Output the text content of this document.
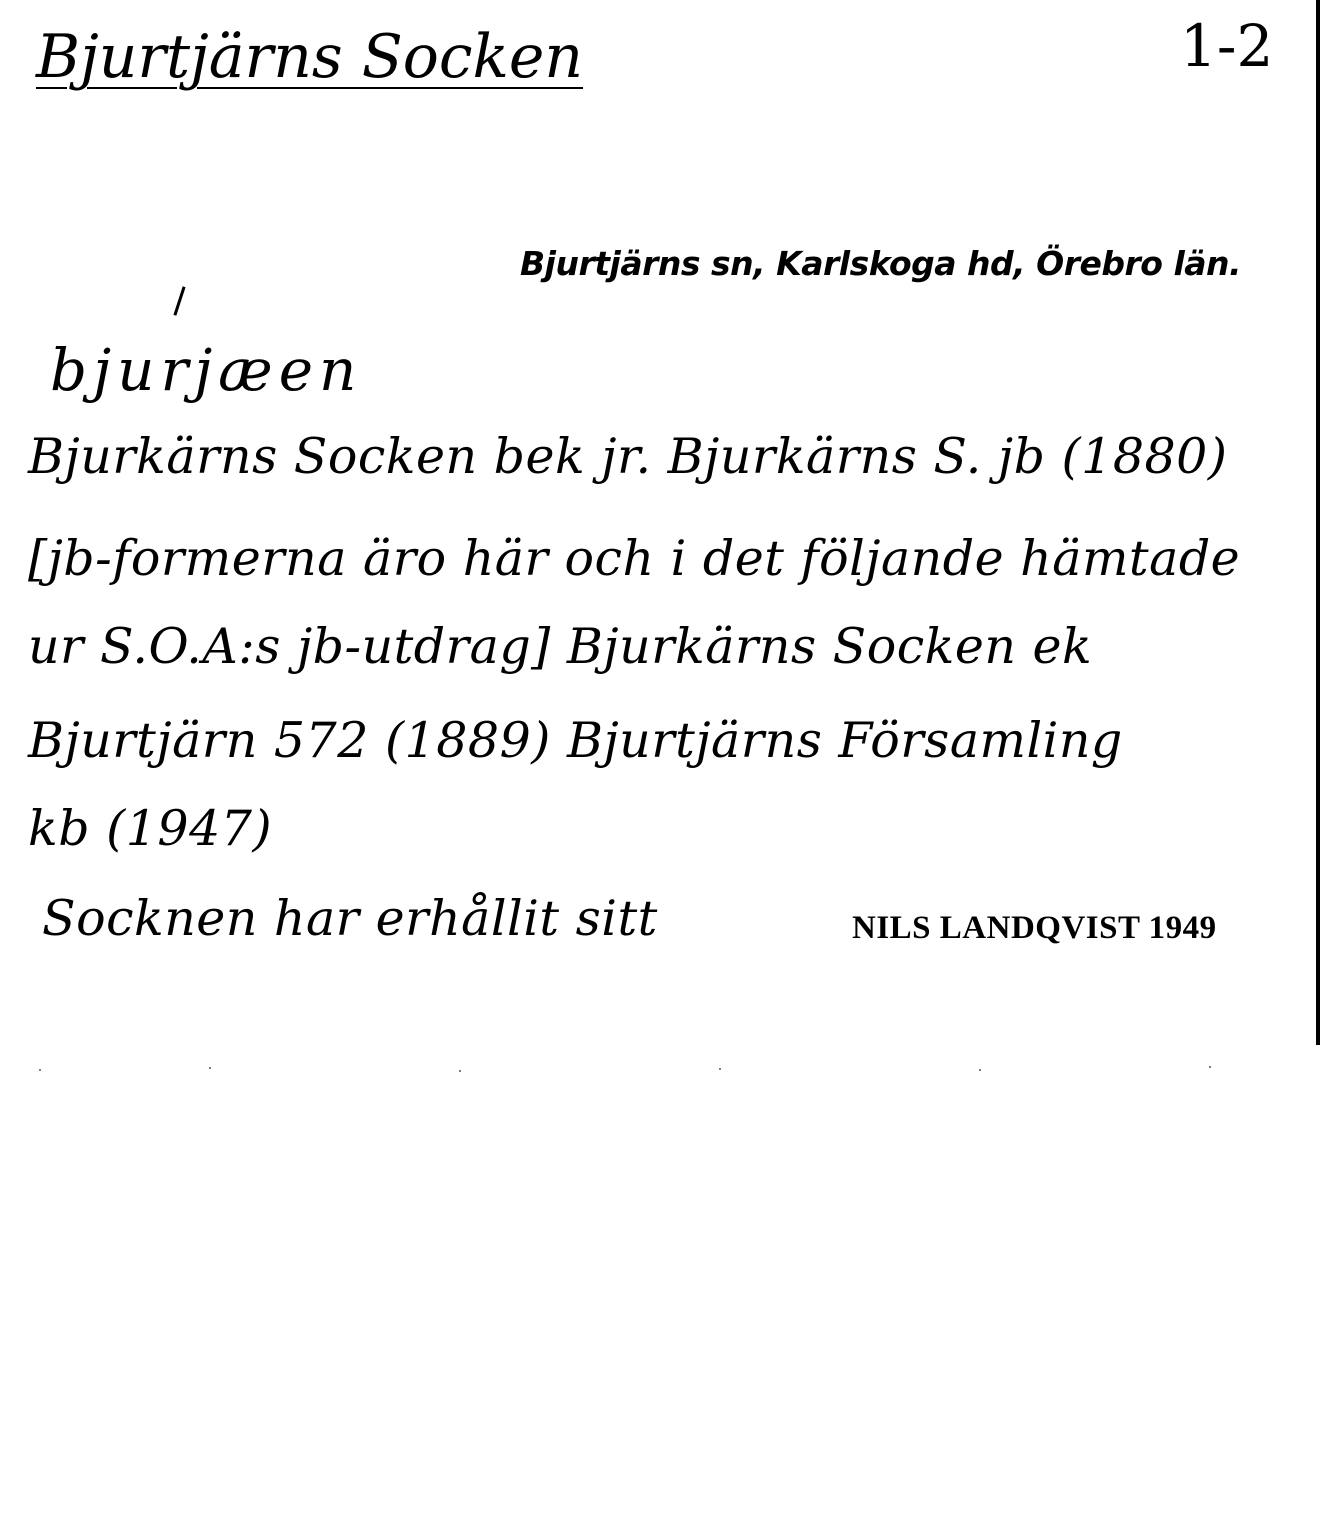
Bjurtjärns Socken	1-2
Bjurtjärns sn, Karlskoga hd, Örebro län.
bjurjæen
Bjurkärns Socken bek jr. Bjurkärns S. jb (1880)
[jb-formerna äro här och i det följande hämtade
ur S.O.A:s jb-utdrag] Bjurkärns Socken ek
Bjurtjärn 572 (1889) Bjurtjärns Församling
kb (1947)
Socknen har erhållit sitt	NILS LANDQVIST 1949
